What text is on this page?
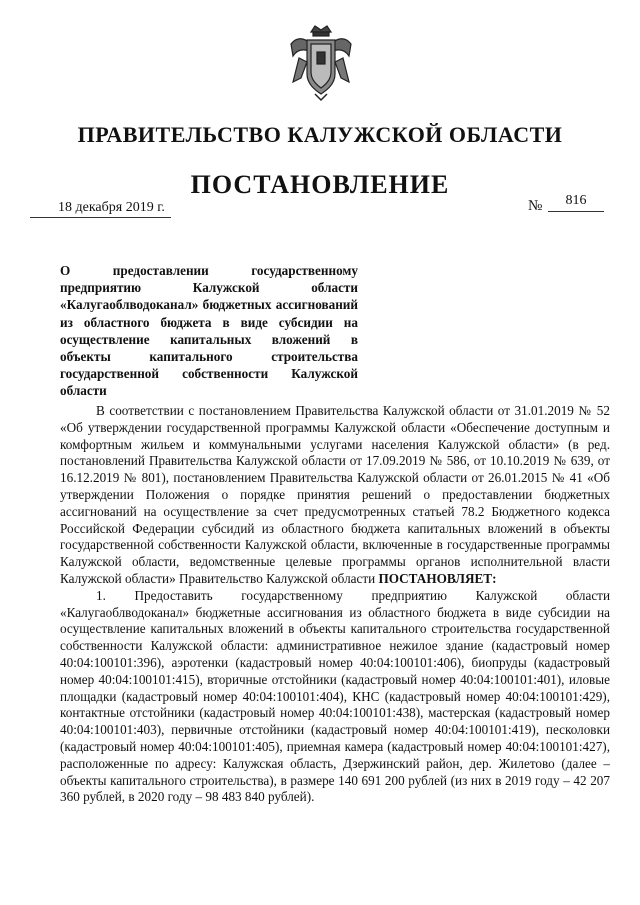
ПРАВИТЕЛЬСТВО КАЛУЖСКОЙ ОБЛАСТИ
ПОСТАНОВЛЕНИЕ
18 декабря 2019 г.	№	816
О предоставлении государственному предприятию Калужской области «Калугаоблводоканал» бюджетных ассигнований из областного бюджета в виде субсидии на осуществление капитальных вложений в объекты капитального строительства государственной собственности Калужской области

В соответствии с постановлением Правительства Калужской области от 31.01.2019 № 52 «Об утверждении государственной программы Калужской области «Обеспечение доступным и комфортным жильем и коммунальными услугами населения Калужской области» (в ред. постановлений Правительства Калужской области от 17.09.2019 № 586, от 10.10.2019 № 639, от 16.12.2019 № 801), постановлением Правительства Калужской области от 26.01.2015 № 41 «Об утверждении Положения о порядке принятия решений о предоставлении бюджетных ассигнований на осуществление за счет предусмотренных статьей 78.2 Бюджетного кодекса Российской Федерации субсидий из областного бюджета капитальных вложений в объекты государственной собственности Калужской области, включенные в государственные программы Калужской области, ведомственные целевые программы органов исполнительной власти Калужской области» Правительство Калужской области ПОСТАНОВЛЯЕТ:

1. Предоставить государственному предприятию Калужской области «Калугаоблводоканал» бюджетные ассигнования из областного бюджета в виде субсидии на осуществление капитальных вложений в объекты капитального строительства государственной собственности Калужской области: административное нежилое здание (кадастровый номер 40:04:100101:396), аэротенки (кадастровый номер 40:04:100101:406), биопруды (кадастровый номер 40:04:100101:415), вторичные отстойники (кадастровый номер 40:04:100101:401), иловые площадки (кадастровый номер 40:04:100101:404), КНС (кадастровый номер 40:04:100101:429), контактные отстойники (кадастровый номер 40:04:100101:438), мастерская (кадастровый номер 40:04:100101:403), первичные отстойники (кадастровый номер 40:04:100101:419), песколовки (кадастровый номер 40:04:100101:405), приемная камера (кадастровый номер 40:04:100101:427), расположенные по адресу: Калужская область, Дзержинский район, дер. Жилетово (далее – объекты капитального строительства), в размере 140 691 200 рублей (из них в 2019 году – 42 207 360 рублей, в 2020 году – 98 483 840 рублей).
